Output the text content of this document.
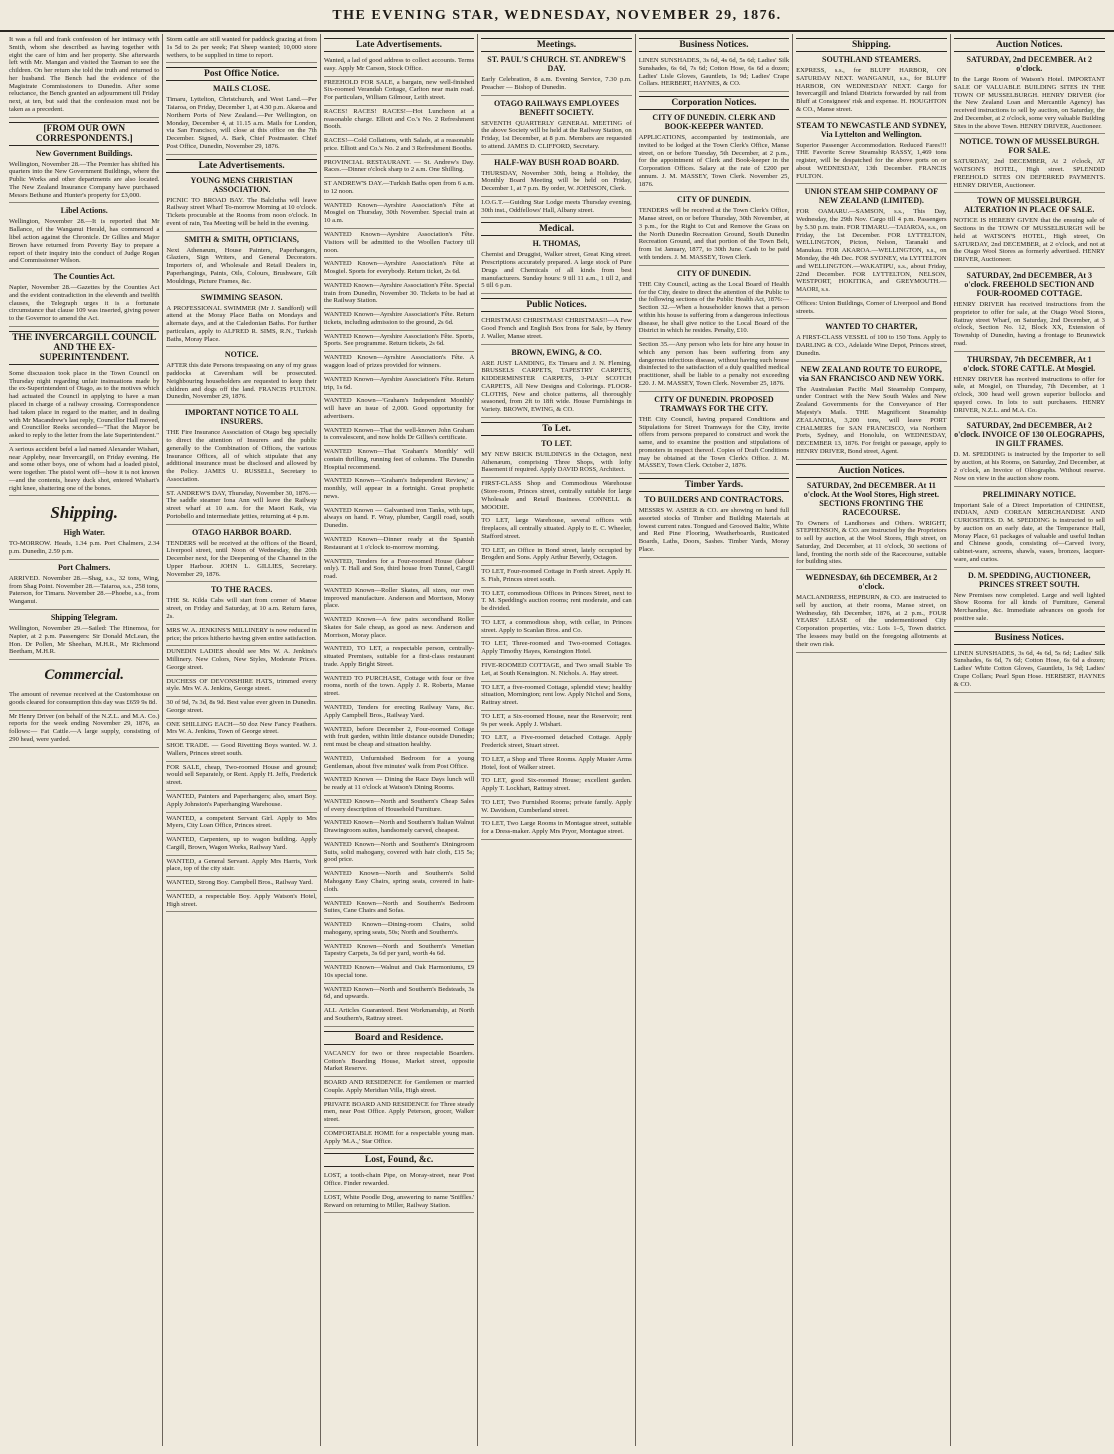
THE EVENING STAR, WEDNESDAY, NOVEMBER 29, 1876.

It was a full and frank confession of her intimacy with Smith, whom she described as having together with eight the care of him and her property. She afterwards left with Mr. Mangan and visited the Tasman to see the children. On her return she told the truth and returned to her husband. The Bench had the evidence of the Magistrate Commissioners to Dunedin. After some reluctance, the Bench granted an adjournment till Friday next, at ten, but said that the confession must not be taken as a precedent.

[FROM OUR OWN CORRESPONDENTS.]
New Government Buildings.

Wellington, November 28.—The Premier has shifted his quarters into the New Government Buildings, where the Public Works and other departments are also located. The New Zealand Insurance Company have purchased Messrs Bethune and Hunter's property for £3,000.

Libel Actions.

Wellington, November 28.—It is reported that Mr Ballance, of the Wanganui Herald, has commenced a libel action against the Chronicle. Dr Gillies and Major Brown have returned from Poverty Bay to prepare a report of their inquiry into the conduct of Judge Rogan and Commissioner Wilson.

The Counties Act.

Napier, November 28.—Gazettes by the Counties Act and the evident contradiction in the eleventh and twelfth clauses, the Telegraph urges it is a fortunate circumstance that clause 109 was inserted, giving power to the Governor to amend the Act.

THE INVERCARGILL COUNCIL AND THE EX-SUPERINTENDENT.

Some discussion took place in the Town Council on Thursday night regarding unfair insinuations made by the ex-Superintendent of Otago, as to the motives which had actuated the Council in applying to have a man placed in charge of a railway crossing. Correspondence had taken place in regard to the matter, and in dealing with Mr Macandrew's last reply, Councillor Hall moved, and Councillor Reeks seconded—"That the Mayor be asked to reply to the letter from the late Superintendent."

A serious accident befel a lad named Alexander Wishart, near Appleby, near Invercargill, on Friday evening. He and some other boys, one of whom had a loaded pistol, were together. The pistol went off—how it is not known—and the contents, heavy duck shot, entered Wishart's right knee, shattering one of the bones.

Shipping.
High Water.

TO-MORROW. Heads, 1.34 p.m. Port Chalmers, 2.34 p.m. Dunedin, 2.59 p.m.

Port Chalmers.

ARRIVED. November 28.—Shag, s.s., 32 tons, Wing, from Shag Point. November 28.—Taiaroa, s.s., 258 tons, Paterson, for Timaru. November 28.—Phoebe, s.s., from Wanganui.

Shipping Telegram.

Wellington, November 29.—Sailed: The Hinemoa, for Napier, at 2 p.m. Passengers: Sir Donald McLean, the Hon. Dr Pollen, Mr Sheehan, M.H.R., Mr Richmond Beetham, M.H.R.

Commercial.

The amount of revenue received at the Customhouse on goods cleared for consumption this day was £659 9s 8d.

Mr Henry Driver (on behalf of the N.Z.L. and M.A. Co.) reports for the week ending November 29, 1876, as follows:— Fat Cattle.—A large supply, consisting of 290 head, were yarded.

Storm cattle are still wanted for paddock grazing at from 1s 5d to 2s per week; Fat Sheep wanted; 10,000 store wethers, to be supplied in time to report.

Post Office Notice.
MAILS CLOSE.

Timaru, Lyttelton, Christchurch, and West Land.—Per Taiaroa, on Friday, December 1, at 4.30 p.m. Akaroa and Northern Ports of New Zealand.—Per Wellington, on Monday, December 4, at 11.15 a.m. Mails for London, via San Francisco, will close at this office on the 7th December. Signed, A. Bark, Chief Postmaster. Chief Post Office, Dunedin, November 29, 1876.

Late Advertisements.
YOUNG MENS CHRISTIAN ASSOCIATION.

PICNIC TO BROAD BAY. The Balclutha will leave Railway street Wharf To-morrow Morning at 10 o'clock. Tickets procurable at the Rooms from noon o'clock. In event of rain, Tea Meeting will be held in the evening.

SMITH & SMITH, OPTICIANS,

Next Athenæum, House Painters, Paperhangers, Glaziers, Sign Writers, and General Decorators. Importers of, and Wholesale and Retail Dealers in, Paperhangings, Paints, Oils, Colours, Brushware, Gilt Mouldings, Picture Frames, &c.

SWIMMING SEASON.

A PROFESSIONAL SWIMMER (Mr J. Sandford) will attend at the Moray Place Baths on Mondays and alternate days, and at the Caledonian Baths. For further particulars, apply to ALFRED R. SIMS, R.N., Turkish Baths, Moray Place.

NOTICE.

AFTER this date Persons trespassing on any of my grass paddocks at Caversham will be prosecuted. Neighbouring householders are requested to keep their children and dogs off the land. FRANCIS FULTON. Dunedin, November 29, 1876.

IMPORTANT NOTICE TO ALL INSURERS.

THE Fire Insurance Association of Otago beg specially to direct the attention of Insurers and the public generally to the Combination of Offices, the various Insurance Offices, all of which stipulate that any additional insurance must be disclosed and allowed by the Policy. JAMES U. RUSSELL, Secretary to Association.

ST. ANDREW'S DAY, Thursday, November 30, 1876.—The saddle steamer Iona Ann will leave the Railway street wharf at 10 a.m. for the Maori Kaik, via Portobello and intermediate jetties, returning at 4 p.m.

OTAGO HARBOR BOARD.

TENDERS will be received at the offices of the Board, Liverpool street, until Noon of Wednesday, the 20th December next, for the Deepening of the Channel in the Upper Harbour. JOHN L. GILLIES, Secretary. November 29, 1876.

TO THE RACES.

THE St. Kilda Cabs will start from corner of Manse street, on Friday and Saturday, at 10 a.m. Return fares, 2s.

MRS W. A. JENKINS'S MILLINERY is now reduced in price; the prices hitherto having given entire satisfaction.

DUNEDIN LADIES should see Mrs W. A. Jenkins's Millinery. New Colors, New Styles, Moderate Prices. George street.

DUCHESS OF DEVONSHIRE HATS, trimmed every style. Mrs W. A. Jenkins, George street.

30 of 9d, 7s 3d, 8s 9d. Best value ever given in Dunedin. George street.

ONE SHILLING EACH—50 doz New Fancy Feathers. Mrs W. A. Jenkins, Town of George street.

SHOE TRADE. — Good Rivetting Boys wanted. W. J. Wallers, Princes street south.

FOR SALE, cheap, Two-roomed House and ground; would sell Separately, or Rent. Apply H. Jeffs, Frederick street.

WANTED, Painters and Paperhangers; also, smart Boy. Apply Johnston's Paperhanging Warehouse.

WANTED, a competent Servant Girl. Apply to Mrs Myers, City Loan Office, Princes street.

WANTED, Carpenters, up to wagon building. Apply Cargill, Brown, Wagon Works, Railway Yard.

WANTED, a General Servant. Apply Mrs Harris, York place, top of the city stair.

WANTED, Strong Boy. Campbell Bros., Railway Yard.

WANTED, a respectable Boy. Apply Watson's Hotel, High street.

Late Advertisements.

Wanted, a lad of good address to collect accounts. Terms easy. Apply Mr Carson, Stock Office.

FREEHOLD FOR SALE, a bargain, new well-finished Six-roomed Verandah Cottage, Carlton near main road. For particulars, William Gilmour, Leith street.

RACES! RACES! RACES!—Hot Luncheon at a reasonable charge. Elliott and Co.'s No. 2 Refreshment Booth.

RACES!—Cold Collations, with Salads, at a reasonable price. Elliott and Co.'s No. 2 and 3 Refreshment Booths.

PROVINCIAL RESTAURANT. — St. Andrew's Day. Races.—Dinner o'clock sharp to 2 a.m. One Shilling.

ST ANDREW'S DAY.—Turkish Baths open from 6 a.m. to 12 noon.

WANTED Known—Ayrshire Association's Fête at Mosgiel on Thursday, 30th November. Special train at 10 a.m.

WANTED Known—Ayrshire Association's Fête. Visitors will be admitted to the Woollen Factory till noon.

WANTED Known—Ayrshire Association's Fête at Mosgiel. Sports for everybody. Return ticket, 2s 6d.

WANTED Known—Ayrshire Association's Fête. Special train from Dunedin, November 30. Tickets to be had at the Railway Station.

WANTED Known—Ayrshire Association's Fête. Return tickets, including admission to the ground, 2s 6d.

WANTED Known—Ayrshire Association's Fête. Sports, Sports. See programme. Return tickets, 2s 6d.

WANTED Known—Ayrshire Association's Fête. A waggon load of prizes provided for winners.

WANTED Known—Ayrshire Association's Fête. Return trip, 1s 6d.

WANTED Known—'Graham's Independent Monthly' will have an issue of 2,000. Good opportunity for advertisers.

WANTED Known—That the well-known John Graham is convalescent, and now holds Dr Gillies's certificate.

WANTED Known—That 'Graham's Monthly' will contain thrilling, running feet of columns. The Dunedin Hospital recommend.

WANTED Known—'Graham's Independent Review,' a monthly, will appear in a fortnight. Great prophetic news.

WANTED Known — Galvanised iron Tanks, with taps, always on hand. F. Wray, plumber, Cargill road, south Dunedin.

WANTED Known—Dinner ready at the Spanish Restaurant at 1 o'clock to-morrow morning.

WANTED, Tenders for a Four-roomed House (labour only). T. Hall and Son, third house from Tunnel, Cargill road.

WANTED Known—Roller Skates, all sizes, our own improved manufacture. Anderson and Morrison, Moray place.

WANTED Known—A few pairs secondhand Roller Skates for Sale cheap, as good as new. Anderson and Morrison, Moray place.

WANTED, TO LET, a respectable person, centrally-situated Premises, suitable for a first-class restaurant trade. Apply Bright Street.

WANTED TO PURCHASE, Cottage with four or five rooms, north of the town. Apply J. R. Roberts, Manse street.

WANTED, Tenders for erecting Railway Vans, &c. Apply Campbell Bros., Railway Yard.

WANTED, before December 2, Four-roomed Cottage with fruit garden, within little distance outside Dunedin; rent must be cheap and situation healthy.

WANTED, Unfurnished Bedroom for a young Gentleman, about five minutes' walk from Post Office.

WANTED Known — Dining the Race Days lunch will be ready at 11 o'clock at Watson's Dining Rooms.

WANTED Known—North and Southern's Cheap Sales of every description of Household Furniture.

WANTED Known—North and Southern's Italian Walnut Drawingroom suites, handsomely carved, cheapest.

WANTED Known—North and Southern's Diningroom Suits, solid mahogany, covered with hair cloth, £15 5s; good price.

WANTED Known—North and Southern's Solid Mahogany Easy Chairs, spring seats, covered in hair-cloth.

WANTED Known—North and Southern's Bedroom Suites, Cane Chairs and Sofas.

WANTED Known—Dining-room Chairs, solid mahogany, spring seats, 50s; North and Southern's.

WANTED Known—North and Southern's Venetian Tapestry Carpets, 3s 6d per yard, worth 4s 6d.

WANTED Known—Walnut and Oak Harmoniums, £9 10s special tone.

WANTED Known—North and Southern's Bedsteads, 3s 6d, and upwards.

ALL Articles Guaranteed. Best Workmanship, at North and Southern's, Rattray street.

Board and Residence.

VACANCY for two or three respectable Boarders. Cotton's Boarding House, Market street, opposite Market Reserve.

BOARD AND RESIDENCE for Gentlemen or married Couple. Apply Meridian Villa, High street.

PRIVATE BOARD AND RESIDENCE for Three steady men, near Post Office. Apply Peterson, grocer, Walker street.

COMFORTABLE HOME for a respectable young man. Apply 'M.A.,' Star Office.

Lost, Found, &c.

LOST, a tooth-chain Pipe, on Moray-street, near Post Office. Finder rewarded.

LOST, White Poodle Dog, answering to name 'Sniffles.' Reward on returning to Miller, Railway Station.

Meetings.
ST. PAUL'S CHURCH. ST. ANDREW'S DAY.

Early Celebration, 8 a.m. Evening Service, 7.30 p.m. Preacher — Bishop of Dunedin.

OTAGO RAILWAYS EMPLOYEES BENEFIT SOCIETY.

SEVENTH QUARTERLY GENERAL MEETING of the above Society will be held at the Railway Station, on Friday, 1st December, at 8 p.m. Members are requested to attend. JAMES D. CLIFFORD, Secretary.

HALF-WAY BUSH ROAD BOARD.

THURSDAY, November 30th, being a Holiday, the Monthly Board Meeting will be held on Friday, December 1, at 7 p.m. By order, W. JOHNSON, Clerk.

I.O.G.T.—Guiding Star Lodge meets Thursday evening, 30th inst., Oddfellows' Hall, Albany street.

Medical.
H. THOMAS,

Chemist and Druggist, Walker street, Great King street. Prescriptions accurately prepared. A large stock of Pure Drugs and Chemicals of all kinds from best manufacturers. Sunday hours: 9 till 11 a.m., 1 till 2, and 5 till 6 p.m.

Public Notices.

CHRISTMAS! CHRISTMAS! CHRISTMAS!!—A Few Good French and English Box Irons for Sale, by Henry J. Waller, Manse street.

BROWN, EWING, & CO.

ARE JUST LANDING, Ex Timaru and J. N. Fleming, BRUSSELS CARPETS, TAPESTRY CARPETS, KIDDERMINSTER CARPETS, 3-PLY SCOTCH CARPETS, All New Designs and Colorings. FLOOR-CLOTHS, New and choice patterns, all thoroughly seasoned, from 2ft to 18ft wide. House Furnishings in Variety. BROWN, EWING, & CO.

To Let.
TO LET.

MY NEW BRICK BUILDINGS in the Octagon, next Athenæum, comprising Three Shops, with lofty Basement if required. Apply DAVID ROSS, Architect.

FIRST-CLASS Shop and Commodious Warehouse (Store-room, Princes street, centrally suitable for large Wholesale and Retail Business. CONNELL & MOODIE.

TO LET, large Warehouse, several offices with fireplaces, all centrally situated. Apply to E. C. Wheeler, Stafford street.

TO LET, an Office in Bond street, lately occupied by Brogden and Sons. Apply Arthur Beverly, Octagon.

TO LET, Four-roomed Cottage in Forth street. Apply H. S. Fish, Princes street south.

TO LET, commodious Offices in Princes Street, next to T. M. Spedding's auction rooms; rent moderate, and can be divided.

TO LET, a commodious shop, with cellar, in Princes street. Apply to Scanlan Bros. and Co.

TO LET, Three-roomed and Two-roomed Cottages. Apply Timothy Hayes, Kensington Hotel.

FIVE-ROOMED COTTAGE, and Two small Stable To Let, at South Kensington. N. Nichols. A. Hay street.

TO LET, a five-roomed Cottage, splendid view; healthy situation, Mornington; rent low. Apply Nichol and Sons, Rattray street.

TO LET, a Six-roomed House, near the Reservoir; rent 9s per week. Apply J. Wishart.

TO LET, a Five-roomed detached Cottage. Apply Frederick street, Stuart street.

TO LET, a Shop and Three Rooms. Apply Muster Arms Hotel, foot of Walker street.

TO LET, good Six-roomed House; excellent garden. Apply T. Lockhart, Rattray street.

TO LET, Two Furnished Rooms; private family. Apply W. Davidson, Cumberland street.

TO LET, Two Large Rooms in Montague street, suitable for a Dress-maker. Apply Mrs Pryor, Montague street.

Business Notices.

LINEN SUNSHADES, 3s 6d, 4s 6d, 5s 6d; Ladies' Silk Sunshades, 6s 6d, 7s 6d; Cotton Hose, 6s 6d a dozen; Ladies' Lisle Gloves, Gauntlets, 1s 9d; Ladies' Crape Collars. HERBERT, HAYNES, & CO.

Corporation Notices.
CITY OF DUNEDIN. CLERK AND BOOK-KEEPER WANTED.

APPLICATIONS, accompanied by testimonials, are invited to be lodged at the Town Clerk's Office, Manse street, on or before Tuesday, 5th December, at 2 p.m., for the appointment of Clerk and Book-keeper in the Corporation Offices. Salary at the rate of £200 per annum. J. M. MASSEY, Town Clerk. November 25, 1876.

CITY OF DUNEDIN.

TENDERS will be received at the Town Clerk's Office, Manse street, on or before Thursday, 30th November, at 3 p.m., for the Right to Cut and Remove the Grass on the North Dunedin Recreation Ground, South Dunedin Recreation Ground, and that portion of the Town Belt, from 1st January, 1877, to 30th June. Cash to be paid with tenders. J. M. MASSEY, Town Clerk.

CITY OF DUNEDIN.

THE City Council, acting as the Local Board of Health for the City, desire to direct the attention of the Public to the following sections of the Public Health Act, 1876:— Section 32.—When a householder knows that a person within his house is suffering from a dangerous infectious disease, he shall give notice to the Local Board of the District in which he resides. Penalty, £10.

Section 35.—Any person who lets for hire any house in which any person has been suffering from any dangerous infectious disease, without having such house disinfected to the satisfaction of a duly qualified medical practitioner, shall be liable to a penalty not exceeding £20. J. M. MASSEY, Town Clerk. November 25, 1876.

CITY OF DUNEDIN. PROPOSED TRAMWAYS FOR THE CITY.

THE City Council, having prepared Conditions and Stipulations for Street Tramways for the City, invite offers from persons prepared to construct and work the same, and to examine the position and stipulations of promoters in respect thereof. Copies of Draft Conditions may be obtained at the Town Clerk's Office. J. M. MASSEY, Town Clerk. October 2, 1876.

Timber Yards.
TO BUILDERS AND CONTRACTORS.

MESSRS W. ASHER & CO. are showing on hand full assorted stocks of Timber and Building Materials at lowest current rates. Tongued and Grooved Baltic, White and Red Pine Flooring, Weatherboards, Rusticated Boards, Laths, Doors, Sashes. Timber Yards, Moray Place.

Shipping.
SOUTHLAND STEAMERS.

EXPRESS, s.s., for BLUFF HARBOR, ON SATURDAY NEXT. WANGANUI, s.s., for BLUFF HARBOR, ON WEDNESDAY NEXT. Cargo for Invercargill and Inland Districts forwarded by rail from Bluff at Consignees' risk and expense. H. HOUGHTON & CO., Manse street.

STEAM TO NEWCASTLE AND SYDNEY, Via Lyttelton and Wellington.

Superior Passenger Accommodation. Reduced Fares!!! THE Favorite Screw Steamship RASSY, 1,469 tons register, will be despatched for the above ports on or about WEDNESDAY, 13th December. FRANCIS FULTON.

UNION STEAM SHIP COMPANY OF NEW ZEALAND (LIMITED).

FOR OAMARU.—SAMSON, s.s., This Day, Wednesday, the 29th Nov. Cargo till 4 p.m. Passengers by 5.30 p.m. train. FOR TIMARU.—TAIAROA, s.s., on Friday, the 1st December. FOR LYTTELTON, WELLINGTON, Picton, Nelson, Taranaki and Manukau. FOR AKAROA.—WELLINGTON, s.s., on Monday, the 4th Dec. FOR SYDNEY, via LYTTELTON and WELLINGTON.—WAKATIPU, s.s., about Friday, 22nd December. FOR LYTTELTON, NELSON, WESTPORT, HOKITIKA, and GREYMOUTH.—MAORI, s.s.

Offices: Union Buildings, Corner of Liverpool and Bond streets.

WANTED TO CHARTER,

A FIRST-CLASS VESSEL of 100 to 150 Tons. Apply to DARLING & CO., Adelaide Wine Depot, Princes street, Dunedin.

NEW ZEALAND ROUTE TO EUROPE, via SAN FRANCISCO AND NEW YORK.

The Australasian Pacific Mail Steamship Company, under Contract with the New South Wales and New Zealand Governments for the Conveyance of Her Majesty's Mails. THE Magnificent Steamship ZEALANDIA, 3,200 tons, will leave PORT CHALMERS for SAN FRANCISCO, via Northern Ports, Sydney, and Honolulu, on WEDNESDAY, DECEMBER 13, 1876. For freight or passage, apply to HENRY DRIVER, Bond street, Agent.

Auction Notices.
SATURDAY, 2nd DECEMBER. At 11 o'clock. At the Wool Stores, High street. SECTIONS FRONTING THE RACECOURSE.

To Owners of Landhorses and Others. WRIGHT, STEPHENSON, & CO. are instructed by the Proprietors to sell by auction, at the Wool Stores, High street, on Saturday, 2nd December, at 11 o'clock, 30 sections of land, fronting the north side of the Racecourse, suitable for building sites.

WEDNESDAY, 6th DECEMBER, At 2 o'clock.

MACLANDRESS, HEPBURN, & CO. are instructed to sell by auction, at their rooms, Manse street, on Wednesday, 6th December, 1876, at 2 p.m., FOUR YEARS' LEASE of the undermentioned City Corporation properties, viz.: Lots 1–5, Town district. The lessees may build on the foregoing allotments at their own risk.

Auction Notices.
SATURDAY, 2nd DECEMBER. At 2 o'clock.

In the Large Room of Watson's Hotel. IMPORTANT SALE OF VALUABLE BUILDING SITES IN THE TOWN OF MUSSELBURGH. HENRY DRIVER (for the New Zealand Loan and Mercantile Agency) has received instructions to sell by auction, on Saturday, the 2nd December, at 2 o'clock, some very valuable Building Sites in the above Town. HENRY DRIVER, Auctioneer.

NOTICE. TOWN OF MUSSELBURGH. FOR SALE.

SATURDAY, 2nd DECEMBER, At 2 o'clock, AT WATSON'S HOTEL, High street. SPLENDID FREEHOLD SITES ON DEFERRED PAYMENTS. HENRY DRIVER, Auctioneer.

TOWN OF MUSSELBURGH. ALTERATION IN PLACE OF SALE.

NOTICE IS HEREBY GIVEN that the ensuing sale of Sections in the TOWN OF MUSSELBURGH will be held at WATSON'S HOTEL, High street, On SATURDAY, 2nd DECEMBER, at 2 o'clock, and not at the Otago Wool Stores as formerly advertised. HENRY DRIVER, Auctioneer.

SATURDAY, 2nd DECEMBER, At 3 o'clock. FREEHOLD SECTION AND FOUR-ROOMED COTTAGE.

HENRY DRIVER has received instructions from the proprietor to offer for sale, at the Otago Wool Stores, Rattray street Wharf, on Saturday, 2nd December, at 3 o'clock, Section No. 12, Block XX, Extension of Township of Dunedin, having a frontage to Brunswick road.

THURSDAY, 7th DECEMBER, At 1 o'clock. STORE CATTLE. At Mosgiel.

HENRY DRIVER has received instructions to offer for sale, at Mosgiel, on Thursday, 7th December, at 1 o'clock, 300 head well grown superior bullocks and spayed cows. In lots to suit purchasers. HENRY DRIVER, N.Z.L. and M.A. Co.

SATURDAY, 2nd DECEMBER, At 2 o'clock. INVOICE OF 130 OLEOGRAPHS, IN GILT FRAMES.

D. M. SPEDDING is instructed by the Importer to sell by auction, at his Rooms, on Saturday, 2nd December, at 2 o'clock, an Invoice of Oleographs. Without reserve. Now on view in the auction show room.

PRELIMINARY NOTICE.

Important Sale of a Direct Importation of CHINESE, INDIAN, AND COREAN MERCHANDISE AND CURIOSITIES. D. M. SPEDDING is instructed to sell by auction on an early date, at the Temperance Hall, Moray Place, 61 packages of valuable and useful Indian and Chinese goods, consisting of—Carved ivory, cabinet-ware, screens, shawls, vases, bronzes, lacquer-ware, and curios.

D. M. SPEDDING, AUCTIONEER, PRINCES STREET SOUTH.

New Premises now completed. Large and well lighted Show Rooms for all kinds of Furniture, General Merchandise, &c. Immediate advances on goods for positive sale.

Business Notices.

LINEN SUNSHADES, 3s 6d, 4s 6d, 5s 6d; Ladies' Silk Sunshades, 6s 6d, 7s 6d; Cotton Hose, 6s 6d a dozen; Ladies' White Cotton Gloves, Gauntlets, 1s 9d; Ladies' Crape Collars; Pearl Spun Hose. HERBERT, HAYNES & CO.
